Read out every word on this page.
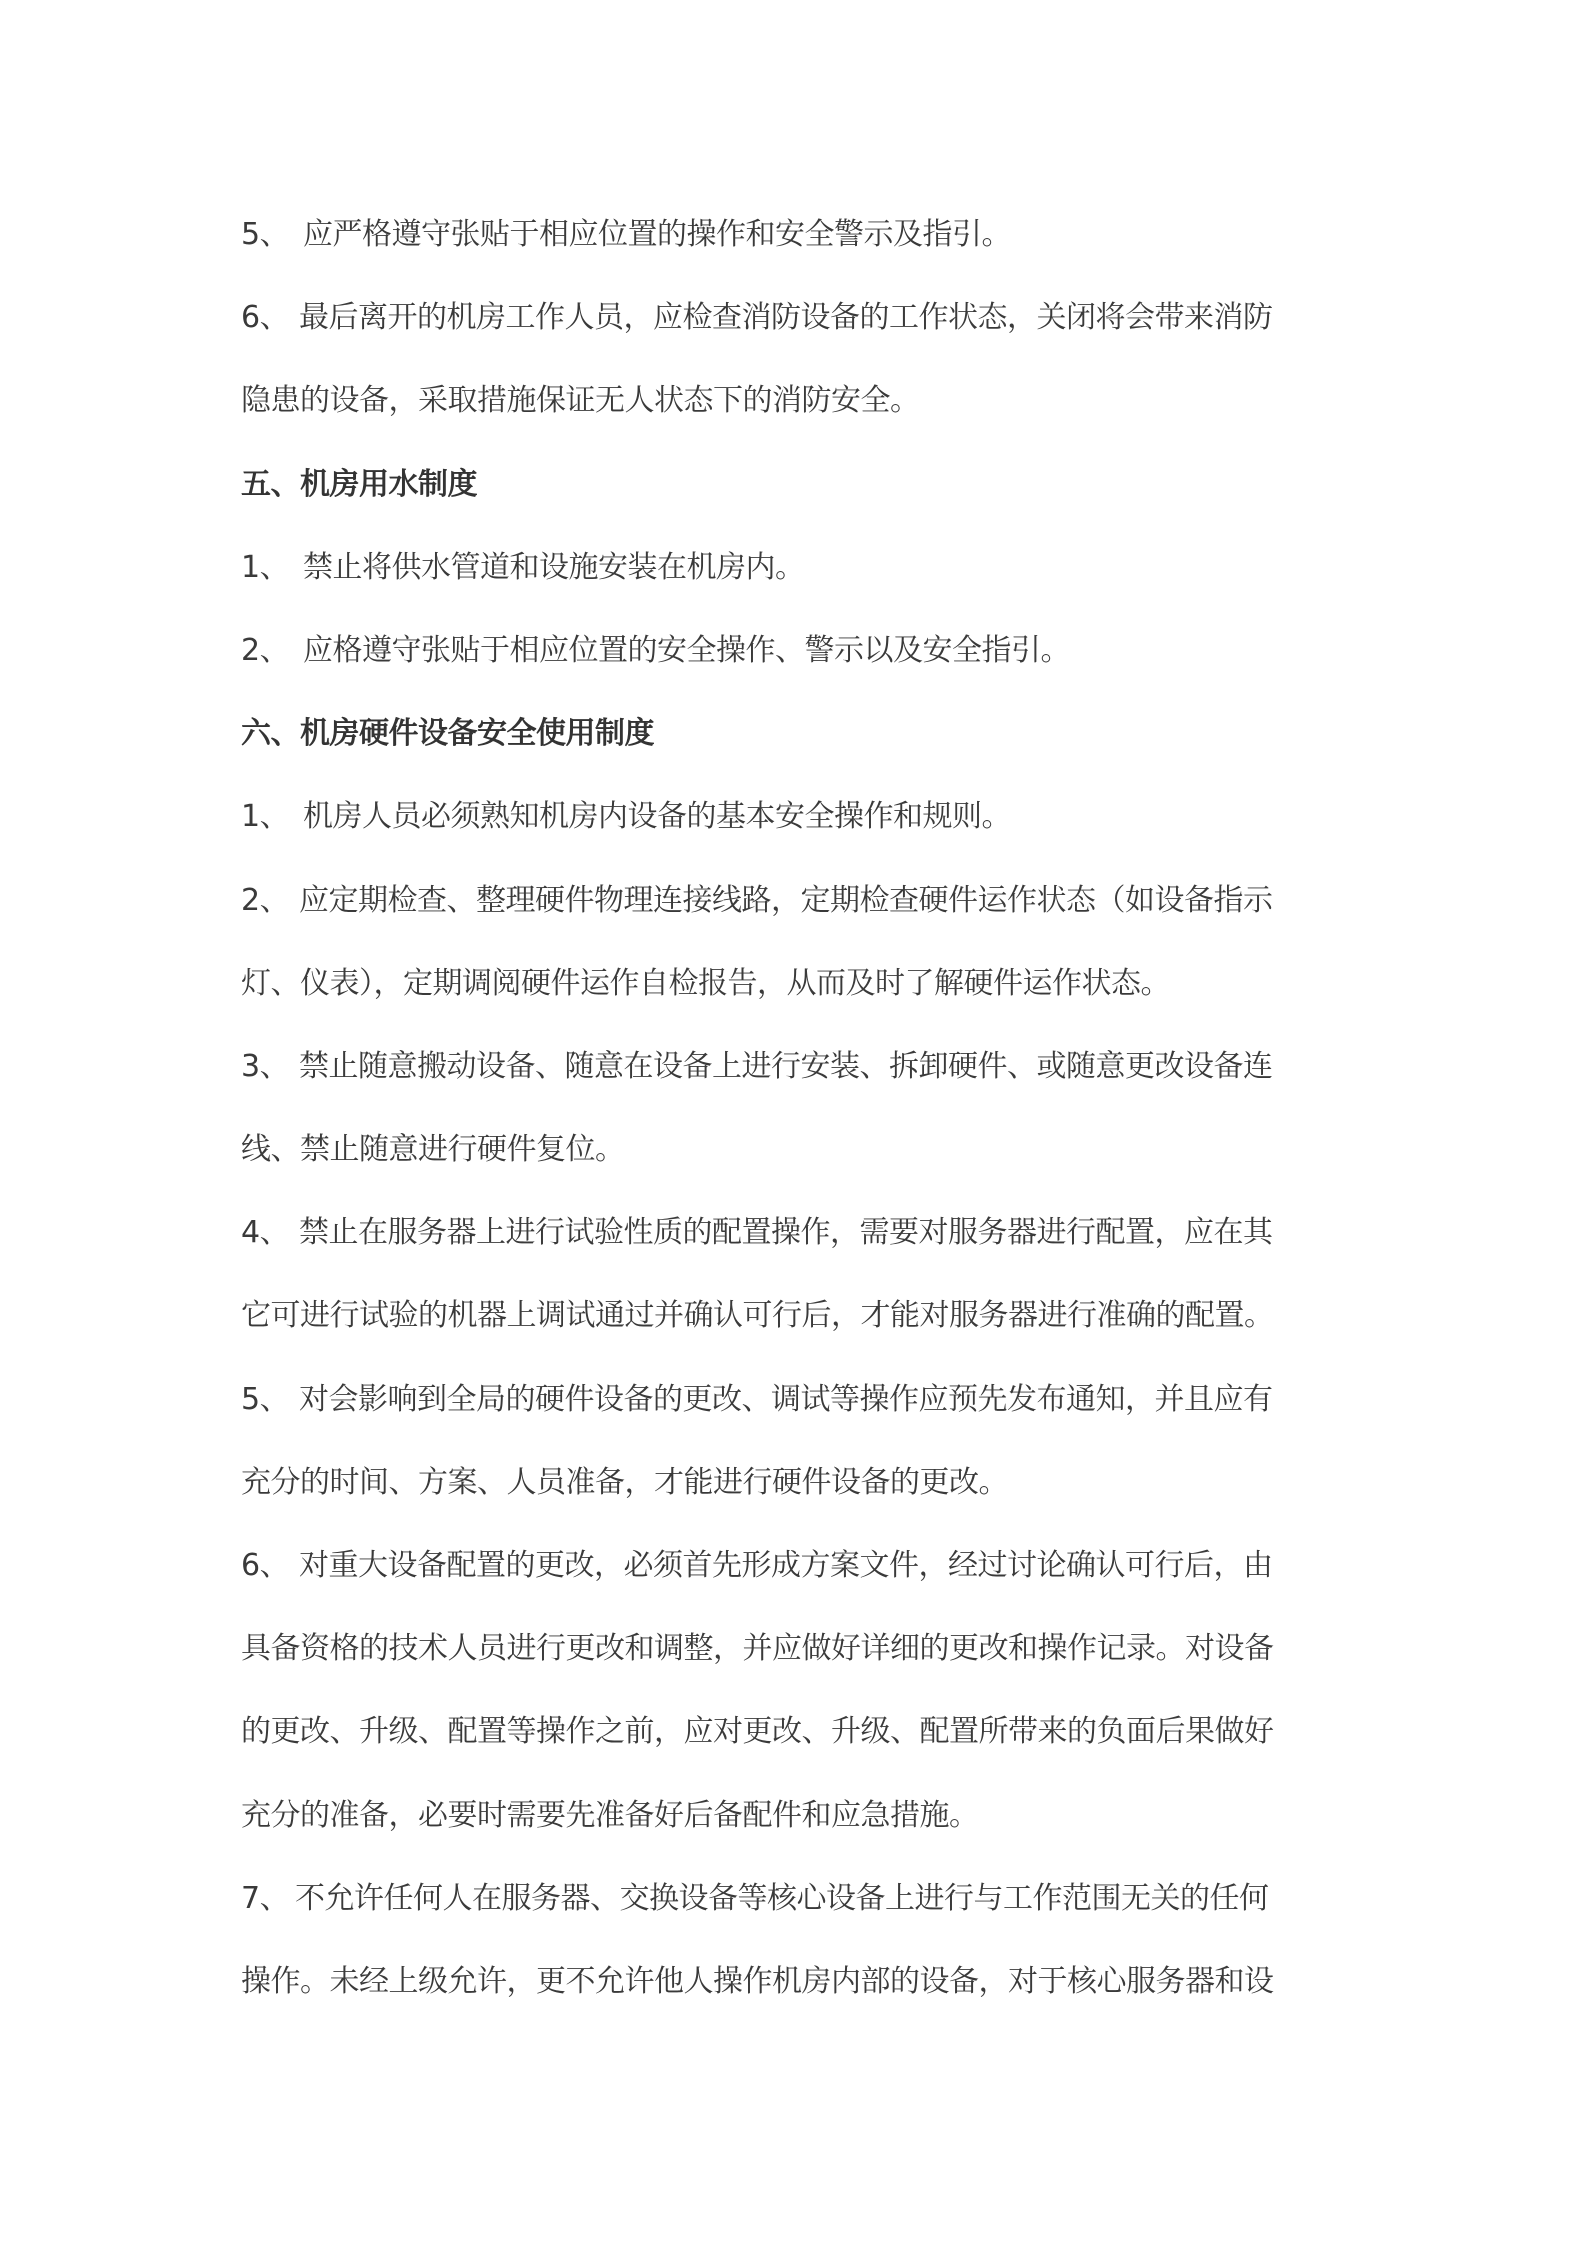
5、 应严格遵守张贴于相应位置的操作和安全警示及指引。
6、 最后离开的机房工作人员，应检查消防设备的工作状态，关闭将会带来消防
隐患的设备，采取措施保证无人状态下的消防安全。
五、机房用水制度
1、 禁止将供水管道和设施安装在机房内。
2、 应格遵守张贴于相应位置的安全操作、警示以及安全指引。
六、机房硬件设备安全使用制度
1、 机房人员必须熟知机房内设备的基本安全操作和规则。
2、 应定期检查、整理硬件物理连接线路，定期检查硬件运作状态（如设备指示
灯、仪表），定期调阅硬件运作自检报告，从而及时了解硬件运作状态。
3、 禁止随意搬动设备、随意在设备上进行安装、拆卸硬件、或随意更改设备连
线、禁止随意进行硬件复位。
4、 禁止在服务器上进行试验性质的配置操作，需要对服务器进行配置，应在其
它可进行试验的机器上调试通过并确认可行后，才能对服务器进行准确的配置。
5、 对会影响到全局的硬件设备的更改、调试等操作应预先发布通知，并且应有
充分的时间、方案、人员准备，才能进行硬件设备的更改。
6、 对重大设备配置的更改，必须首先形成方案文件，经过讨论确认可行后，由
具备资格的技术人员进行更改和调整，并应做好详细的更改和操作记录。对设备
的更改、升级、配置等操作之前，应对更改、升级、配置所带来的负面后果做好
充分的准备，必要时需要先准备好后备配件和应急措施。
7、 不允许任何人在服务器、交换设备等核心设备上进行与工作范围无关的任何
操作。未经上级允许，更不允许他人操作机房内部的设备，对于核心服务器和设
